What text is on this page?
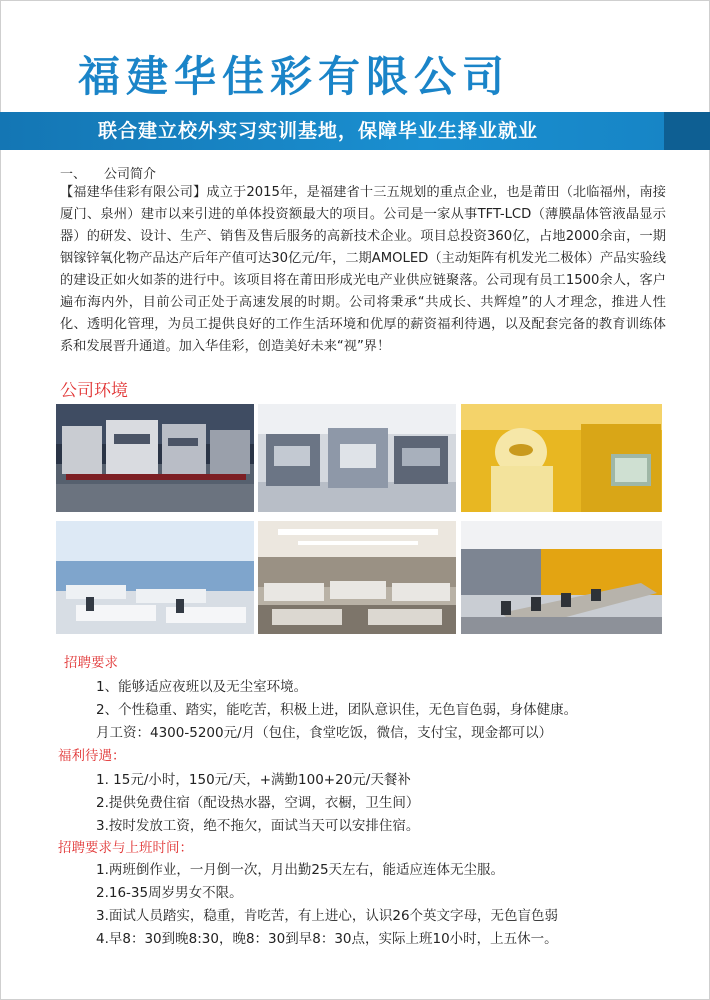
福建华佳彩有限公司
联合建立校外实习实训基地，保障毕业生择业就业
一、 公司简介
【福建华佳彩有限公司】成立于2015年，是福建省十三五规划的重点企业，也是莆田（北临福州，南接厦门、泉州）建市以来引进的单体投资额最大的项目。公司是一家从事TFT-LCD（薄膜晶体管液晶显示器）的研发、设计、生产、销售及售后服务的高新技术企业。项目总投资360亿，占地2000余亩，一期铟镓锌氧化物产品达产后年产值可达30亿元/年，二期AMOLED（主动矩阵有机发光二极体）产品实验线的建设正如火如荼的进行中。该项目将在莆田形成光电产业供应链聚落。公司现有员工1500余人，客户遍布海内外，目前公司正处于高速发展的时期。公司将秉承“共成长、共辉煌”的人才理念，推进人性化、透明化管理，为员工提供良好的工作生活环境和优厚的薪资福利待遇，以及配套完备的教育训练体系和发展晋升通道。加入华佳彩，创造美好未来“视”界！
公司环境
招聘要求
1、能够适应夜班以及无尘室环境。
2、个性稳重、踏实，能吃苦，积极上进，团队意识佳，无色盲色弱，身体健康。
月工资：4300-5200元/月（包住，食堂吃饭，微信，支付宝，现金都可以）
福利待遇：
1. 15元/小时，150元/天，+满勤100+20元/天餐补
2.提供免费住宿（配设热水器，空调，衣橱，卫生间）
3.按时发放工资，绝不拖欠，面试当天可以安排住宿。
招聘要求与上班时间：
1.两班倒作业，一月倒一次，月出勤25天左右，能适应连体无尘服。
2.16-35周岁男女不限。
3.面试人员踏实，稳重，肯吃苦，有上进心，认识26个英文字母，无色盲色弱
4.早8：30到晚8:30，晚8：30到早8：30点，实际上班10小时，上五休一。
